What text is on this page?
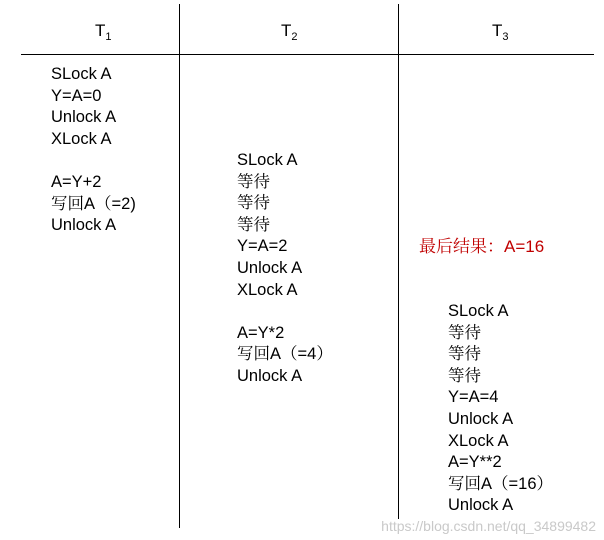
$T_1$	$T_2$	$T_3$
SLock A
Y=A=0
Unlock A
XLock A
A=Y+2
写回A（=2)
Unlock A
SLock A
等待
等待
等待
Y=A=2
Unlock A
XLock A
A=Y*2
写回A（=4）
Unlock A
SLock A
等待
等待
等待
Y=A=4
Unlock A
XLock A
A=Y**2
写回A（=16）
Unlock A
最后结果：A=16
https://blog.csdn.net/qq_34899482
